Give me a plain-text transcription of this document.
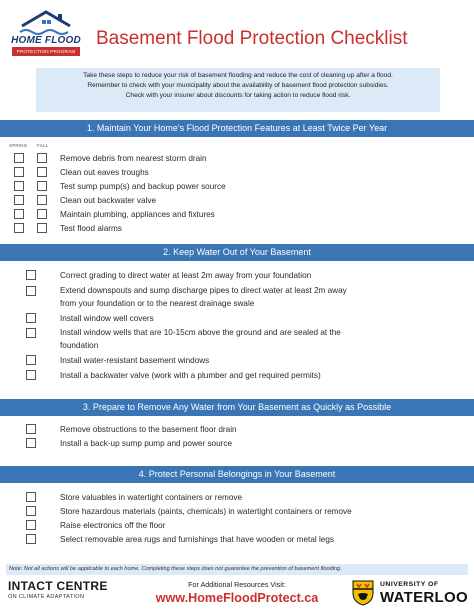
HOME FLOOD
PROTECTION PROGRAM
Basement Flood Protection Checklist
Take these steps to reduce your risk of basement flooding and reduce the cost of cleaning up after a flood.
Remember to check with your municipality about the availability of basement flood protection subsidies.
Check with your insurer about discounts for taking action to reduce flood risk.
1. Maintain Your Home's Flood Protection Features at Least Twice Per Year
SPRING FALL
Remove debris from nearest storm drain
Clean out eaves troughs
Test sump pump(s) and backup power source
Clean out backwater valve
Maintain plumbing, appliances and fixtures
Test flood alarms
2. Keep Water Out of Your Basement
Correct grading to direct water at least 2m away from your foundation
Extend downspouts and sump discharge pipes to direct water at least 2m away
from your foundation or to the nearest drainage swale
Install window well covers
Install window wells that are 10-15cm above the ground and are sealed at the
foundation
Install water-resistant basement windows
Install a backwater valve (work with a plumber and get required permits)
3. Prepare to Remove Any Water from Your Basement as Quickly as Possible
Remove obstructions to the basement floor drain
Install a back-up sump pump and power source
4. Protect Personal Belongings in Your Basement
Store valuables in watertight containers or remove
Store hazardous materials (paints, chemicals) in watertight containers or remove
Raise electronics off the floor
Select removable area rugs and furnishings that have wooden or metal legs
Note: Not all actions will be applicable to each home. Completing these steps does not guarantee the prevention of basement flooding.
INTACT CENTRE
ON CLIMATE ADAPTATION
For Additional Resources Visit:
www.HomeFloodProtect.ca
UNIVERSITY OF
WATERLOO
